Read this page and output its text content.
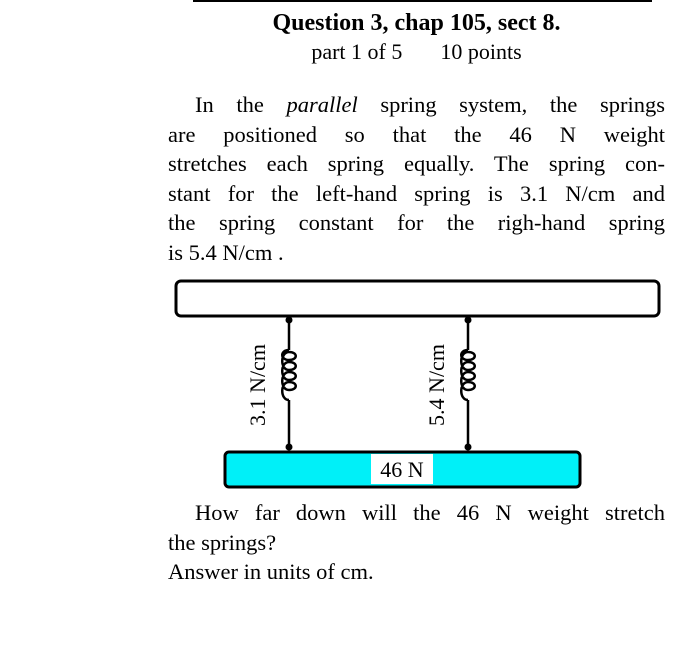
Question 3, chap 105, sect 8.
part 1 of 5 10 points
In the parallel spring system, the springs
are positioned so that the 46 N weight
stretches each spring equally. The spring con-
stant for the left-hand spring is 3.1 N/cm and
the spring constant for the righ-hand spring
is 5.4 N/cm .
3.1 N/cm	5.4 N/cm
46 N
How far down will the 46 N weight stretch
the springs?
Answer in units of cm.
